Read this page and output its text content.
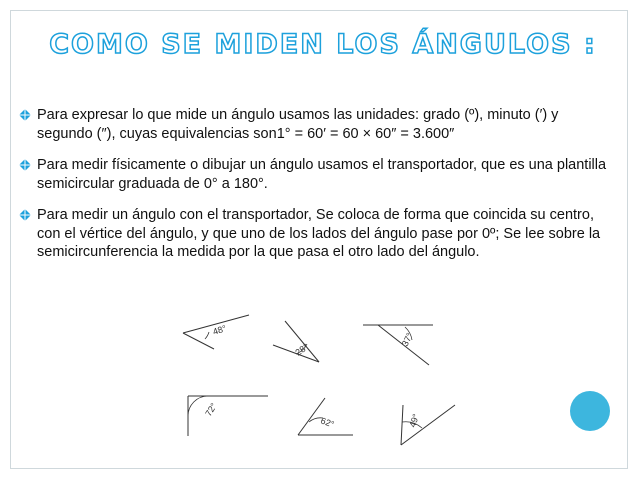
COMO SE MIDEN LOS ÁNGULOS :
Para expresar lo que mide un ángulo usamos las unidades: grado (º), minuto (′) y segundo (″), cuyas equivalencias son1° = 60′ = 60 × 60″ = 3.600″
Para medir físicamente o dibujar un ángulo usamos el transportador, que es una plantilla semicircular graduada de 0° a 180°.
Para medir un ángulo con el transportador, Se coloca de forma que coincida su centro, con el vértice del ángulo, y que uno de los lados del ángulo pase por 0º; Se lee sobre la semicircunferencia la medida por la que pasa el otro lado del ángulo.
48°
28°
37°
72°
62°	49°
